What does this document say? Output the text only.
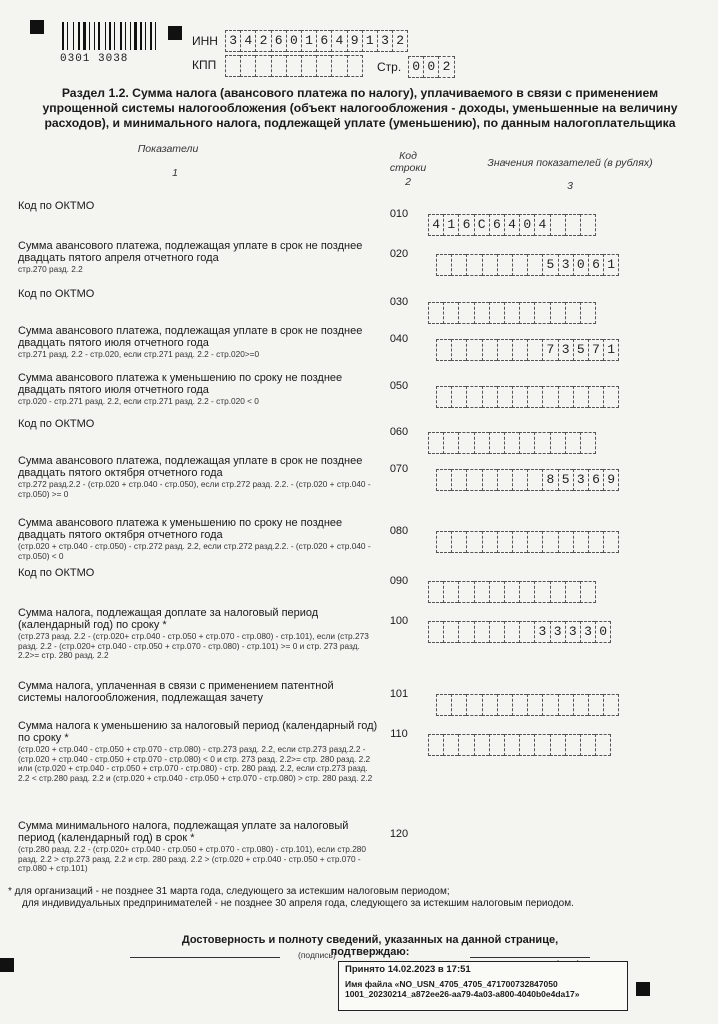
0301 3038
ИНН 3 4 2 6 0 1 6 4 9 1 3 2
КПП	Стр. 0 0 2
Раздел 1.2. Сумма налога (авансового платежа по налогу), уплачиваемого в связи с применением упрощенной системы налогообложения (объект налогообложения - доходы, уменьшенные на величину расходов), и минимального налога, подлежащей уплате (уменьшению), по данным налогоплательщика
Показатели
1
Код строки
2
Значения показателей (в рублях)
3
Код по ОКТМО
010
4 1 6 С 6 4 0 4
Сумма авансового платежа, подлежащая уплате в срок не позднее двадцать пятого апреля отчетного года
стр.270 разд. 2.2
020
5 3 0 6 1
Код по ОКТМО
030
Сумма авансового платежа, подлежащая уплате в срок не позднее двадцать пятого июля отчетного года
стр.271 разд. 2.2 - стр.020, если стр.271 разд. 2.2 - стр.020>=0
040
7 3 5 7 1
Сумма авансового платежа к уменьшению по сроку не позднее двадцать пятого июля отчетного года
стр.020 - стр.271 разд. 2.2, если стр.271 разд. 2.2 - стр.020 < 0
050
Код по ОКТМО
060
Сумма авансового платежа, подлежащая уплате в срок не позднее двадцать пятого октября отчетного года
стр.272 разд.2.2 - (стр.020 + стр.040 - стр.050), если стр.272 разд. 2.2. - (стр.020 + стр.040 - стр.050) >= 0
070
8 5 3 6 9
Сумма авансового платежа к уменьшению по сроку не позднее двадцать пятого октября отчетного года
(стр.020 + стр.040 - стр.050) - стр.272 разд. 2.2, если стр.272 разд.2.2. - (стр.020 + стр.040 - стр.050) < 0
080
Код по ОКТМО
090
Сумма налога, подлежащая доплате за налоговый период (календарный год) по сроку *
(стр.273 разд. 2.2 - (стр.020+ стр.040 - стр.050 + стр.070 - стр.080) - стр.101), если (стр.273 разд. 2.2 - (стр.020+ стр.040 - стр.050 + стр.070 - стр.080) - стр.101) >= 0 и стр. 273 разд. 2.2>= стр. 280 разд. 2.2
100
3 3 3 3 0
Сумма налога, уплаченная в связи с применением патентной системы налогообложения, подлежащая зачету	101
Сумма налога к уменьшению за налоговый период (календарный год) по сроку *
(стр.020 + стр.040 - стр.050 + стр.070 - стр.080) - стр.273 разд. 2.2, если стр.273 разд.2.2 - (стр.020 + стр.040 - стр.050 + стр.070 - стр.080) < 0 и стр. 273 разд. 2.2>= стр. 280 разд. 2.2 или (стр.020 + стр.040 - стр.050 + стр.070 - стр.080) - стр. 280 разд. 2.2, если стр.273 разд. 2.2 < стр.280 разд. 2.2 и (стр.020 + стр.040 - стр.050 + стр.070 - стр.080) > стр. 280 разд. 2.2
110
Сумма минимального налога, подлежащая уплате за налоговый период (календарный год) в срок *
(стр.280 разд. 2.2 - (стр.020+ стр.040 - стр.050 + стр.070 - стр.080) - стр.101), если стр.280 разд. 2.2 > стр.273 разд. 2.2 и стр. 280 разд. 2.2 > (стр.020 + стр.040 - стр.050 + стр.070 - стр.080 + стр.101)
120
* для организаций - не позднее 31 марта года, следующего за истекшим налоговым периодом;
для индивидуальных предпринимателей - не позднее 30 апреля года, следующего за истекшим налоговым периодом.
Достоверность и полноту сведений, указанных на данной странице, подтверждаю:
(подпись)
Принято 14.02.2023 в 17:51
Имя файла «NO_USN_4705_4705_471700732847050 1001_20230214_a872ee26-aa79-4a03-a800-4040b0e4da17»
